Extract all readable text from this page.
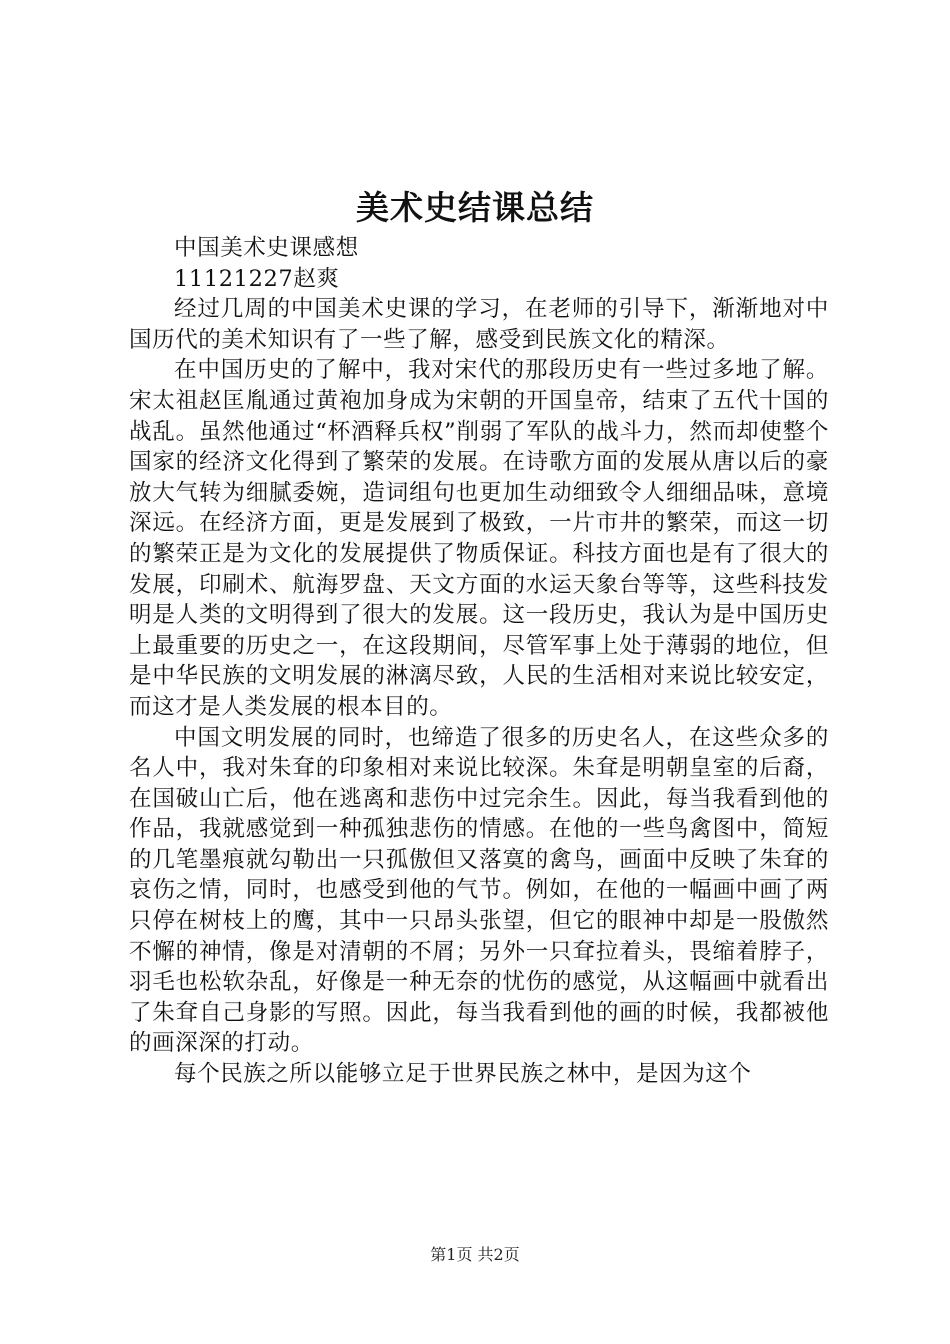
美术史结课总结

中国美术史课感想

11121227赵爽

经过几周的中国美术史课的学习，在老师的引导下，渐渐地对中国历代的美术知识有了一些了解，感受到民族文化的精深。

在中国历史的了解中，我对宋代的那段历史有一些过多地了解。宋太祖赵匡胤通过黄袍加身成为宋朝的开国皇帝，结束了五代十国的战乱。虽然他通过“杯酒释兵权”削弱了军队的战斗力，然而却使整个国家的经济文化得到了繁荣的发展。在诗歌方面的发展从唐以后的豪放大气转为细腻委婉，造词组句也更加生动细致令人细细品味，意境深远。在经济方面，更是发展到了极致，一片市井的繁荣，而这一切的繁荣正是为文化的发展提供了物质保证。科技方面也是有了很大的发展，印刷术、航海罗盘、天文方面的水运天象台等等，这些科技发明是人类的文明得到了很大的发展。这一段历史，我认为是中国历史上最重要的历史之一，在这段期间，尽管军事上处于薄弱的地位，但是中华民族的文明发展的淋漓尽致，人民的生活相对来说比较安定，而这才是人类发展的根本目的。

中国文明发展的同时，也缔造了很多的历史名人，在这些众多的名人中，我对朱耷的印象相对来说比较深。朱耷是明朝皇室的后裔，在国破山亡后，他在逃离和悲伤中过完余生。因此，每当我看到他的作品，我就感觉到一种孤独悲伤的情感。在他的一些鸟禽图中，简短的几笔墨痕就勾勒出一只孤傲但又落寞的禽鸟，画面中反映了朱耷的哀伤之情，同时，也感受到他的气节。例如，在他的一幅画中画了两只停在树枝上的鹰，其中一只昂头张望，但它的眼神中却是一股傲然不懈的神情，像是对清朝的不屑；另外一只耷拉着头，畏缩着脖子，羽毛也松软杂乱，好像是一种无奈的忧伤的感觉，从这幅画中就看出了朱耷自己身影的写照。因此，每当我看到他的画的时候，我都被他的画深深的打动。

每个民族之所以能够立足于世界民族之林中，是因为这个

第1页 共2页
